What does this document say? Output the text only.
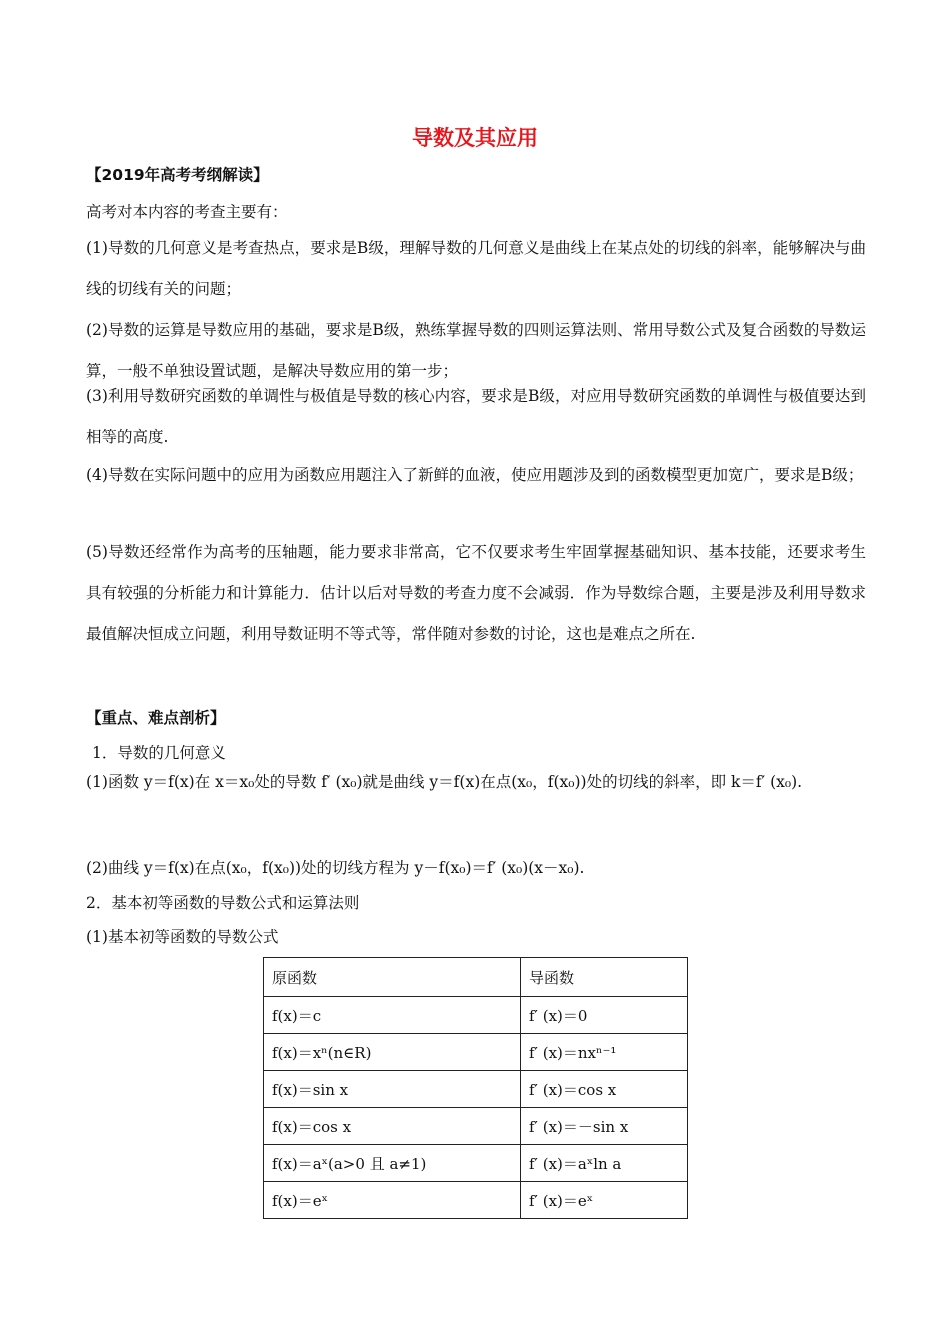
导数及其应用
【2019年高考考纲解读】
高考对本内容的考查主要有：
(1)导数的几何意义是考查热点，要求是B级，理解导数的几何意义是曲线上在某点处的切线的斜率，能够解决与曲线的切线有关的问题；
(2)导数的运算是导数应用的基础，要求是B级，熟练掌握导数的四则运算法则、常用导数公式及复合函数的导数运算，一般不单独设置试题，是解决导数应用的第一步；
(3)利用导数研究函数的单调性与极值是导数的核心内容，要求是B级，对应用导数研究函数的单调性与极值要达到相等的高度.
(4)导数在实际问题中的应用为函数应用题注入了新鲜的血液，使应用题涉及到的函数模型更加宽广，要求是B级；
(5)导数还经常作为高考的压轴题，能力要求非常高，它不仅要求考生牢固掌握基础知识、基本技能，还要求考生具有较强的分析能力和计算能力．估计以后对导数的考查力度不会减弱．作为导数综合题，主要是涉及利用导数求最值解决恒成立问题，利用导数证明不等式等，常伴随对参数的讨论，这也是难点之所在.
【重点、难点剖析】
1．导数的几何意义
(1)函数 y＝f(x)在 x＝x₀处的导数 f′ (x₀)就是曲线 y＝f(x)在点(x₀，f(x₀))处的切线的斜率，即 k＝f′ (x₀).
(2)曲线 y＝f(x)在点(x₀，f(x₀))处的切线方程为 y－f(x₀)＝f′ (x₀)(x－x₀).
2．基本初等函数的导数公式和运算法则
(1)基本初等函数的导数公式
原函数	导函数
f(x)＝c	f′ (x)＝0
f(x)＝xⁿ(n∈R)	f′ (x)＝nxⁿ⁻¹
f(x)＝sin x	f′ (x)＝cos x
f(x)＝cos x	f′ (x)＝－sin x
f(x)＝aˣ(a>0 且 a≠1)	f′ (x)＝aˣln a
f(x)＝eˣ	f′ (x)＝eˣ
